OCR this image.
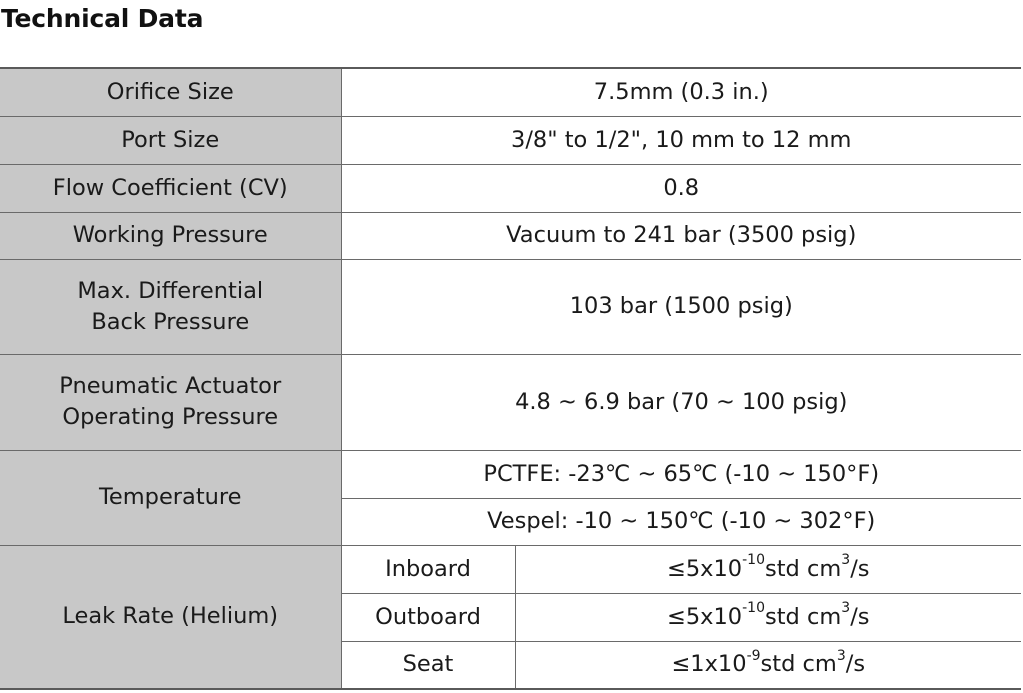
Technical Data
Orifice Size	7.5mm (0.3 in.)	
Port Size	3/8" to 1/2", 10 mm to 12 mm	
Flow Coefficient (CV)	0.8	
Working Pressure	Vacuum to 241 bar (3500 psig)	

Max. Differential
Back Pressure	103 bar (1500 psig)	

Pneumatic Actuator
Operating Pressure	4.8 ~ 6.9 bar (70 ~ 100 psig)	
Temperature	PCTFE: -23℃ ~ 65℃ (-10 ~ 150°F)	
	Vespel: -10 ~ 150℃ (-10 ~ 302°F)	
Leak Rate (Helium)	Inboard	$\le 5x10^{-10}std$ $cm^3/s$
	Outboard	$\le 5x10^{-10}std$ $cm^3/s$
	Seat	$\le 1x10^{-9}std$ $cm^3/s$
